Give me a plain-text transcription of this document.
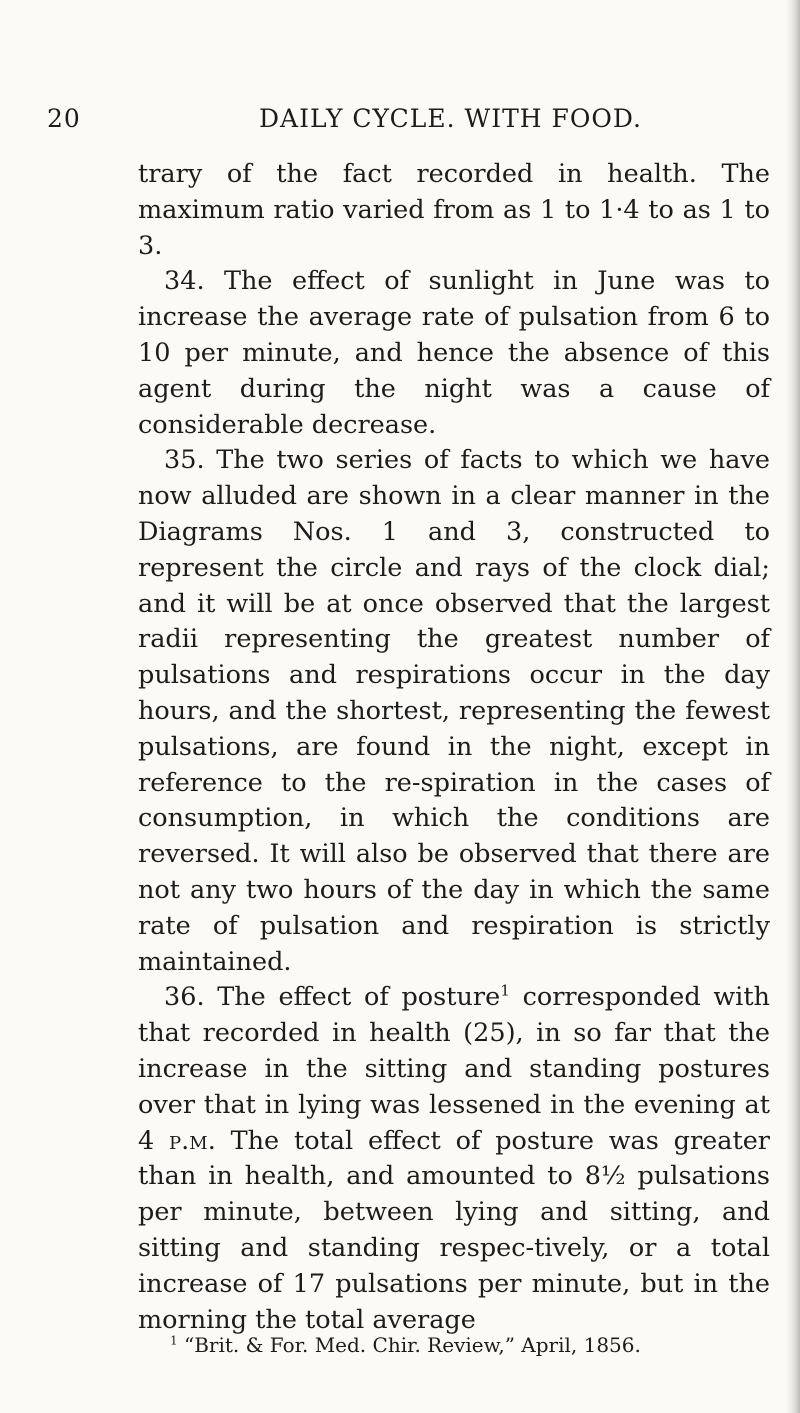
20	DAILY CYCLE. WITH FOOD.

trary of the fact recorded in health. The maximum ratio varied from as 1 to 1·4 to as 1 to 3.

34. The effect of sunlight in June was to increase the average rate of pulsation from 6 to 10 per minute, and hence the absence of this agent during the night was a cause of considerable decrease.

35. The two series of facts to which we have now alluded are shown in a clear manner in the Diagrams Nos. 1 and 3, constructed to represent the circle and rays of the clock dial; and it will be at once observed that the largest radii representing the greatest number of pulsations and respirations occur in the day hours, and the shortest, representing the fewest pulsations, are found in the night, except in reference to the re-spiration in the cases of consumption, in which the conditions are reversed. It will also be observed that there are not any two hours of the day in which the same rate of pulsation and respiration is strictly maintained.

36. The effect of posture$^1$ corresponded with that recorded in health (25), in so far that the increase in the sitting and standing postures over that in lying was lessened in the evening at 4 p.m. The total effect of posture was greater than in health, and amounted to 8½ pulsations per minute, between lying and sitting, and sitting and standing respec-tively, or a total increase of 17 pulsations per minute, but in the morning the total average

$^1$ “Brit. & For. Med. Chir. Review,” April, 1856.
